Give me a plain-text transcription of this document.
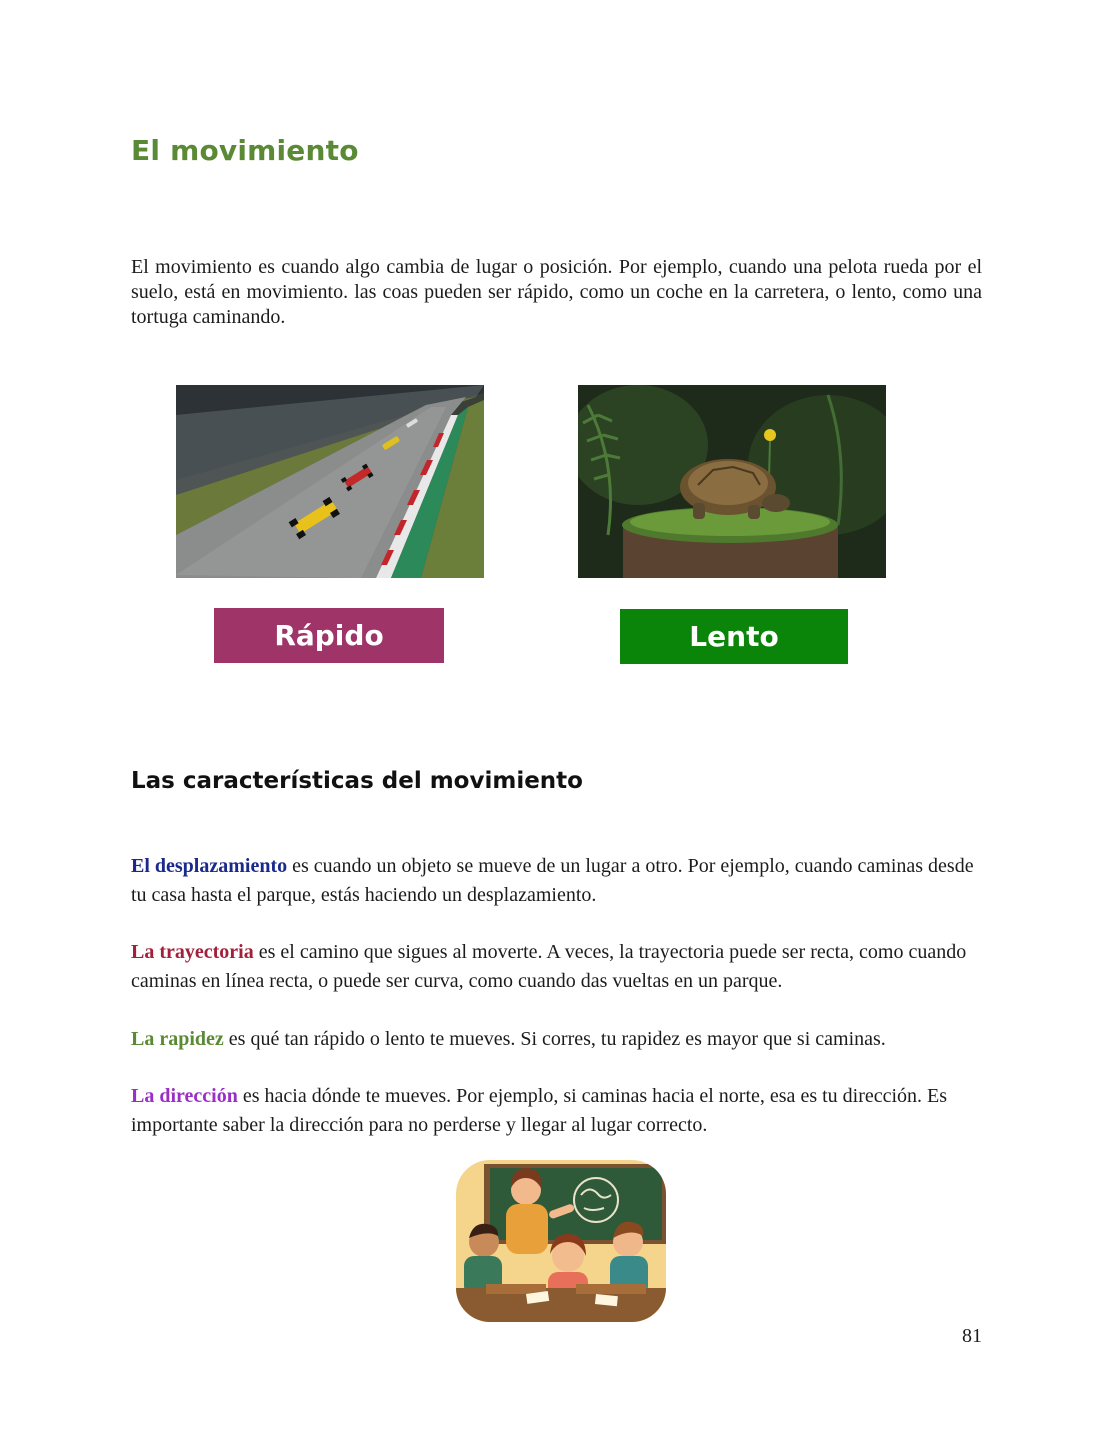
El movimiento

El movimiento es cuando algo cambia de lugar o posición. Por ejemplo, cuando una pelota rueda por el suelo, está en movimiento. las coas pueden ser rápido, como un coche en la carretera, o lento, como una tortuga caminando.

Rápido	Lento
Las características del movimiento

El desplazamiento es cuando un objeto se mueve de un lugar a otro. Por ejemplo, cuando caminas desde tu casa hasta el parque, estás haciendo un desplazamiento.

La trayectoria es el camino que sigues al moverte. A veces, la trayectoria puede ser recta, como cuando caminas en línea recta, o puede ser curva, como cuando das vueltas en un parque.

La rapidez es qué tan rápido o lento te mueves. Si corres, tu rapidez es mayor que si caminas.

La dirección es hacia dónde te mueves. Por ejemplo, si caminas hacia el norte, esa es tu dirección. Es importante saber la dirección para no perderse y llegar al lugar correcto.

81
